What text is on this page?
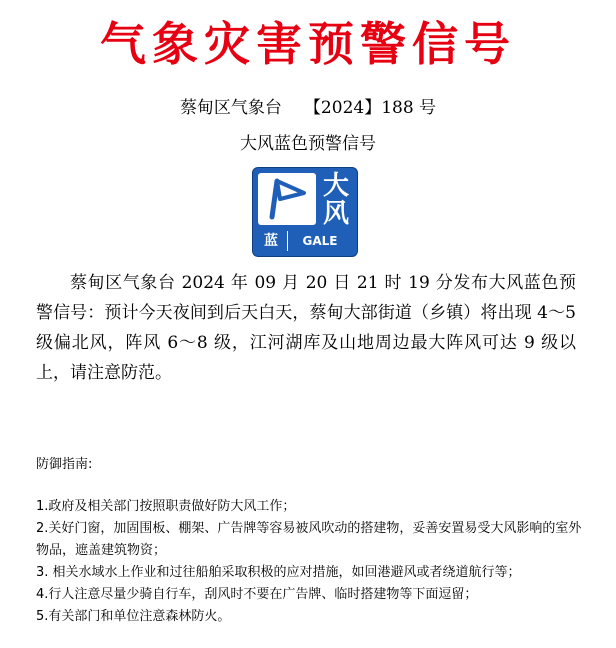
气象灾害预警信号
蔡甸区气象台 【2024】188 号
大风蓝色预警信号
大
风
蓝	GALE
蔡甸区气象台 2024 年 09 月 20 日 21 时 19 分发布大风蓝色预警信号：预计今天夜间到后天白天，蔡甸大部街道（乡镇）将出现 4～5 级偏北风，阵风 6～8 级，江河湖库及山地周边最大阵风可达 9 级以上，请注意防范。
防御指南:
1.政府及相关部门按照职责做好防大风工作；
2.关好门窗，加固围板、棚架、广告牌等容易被风吹动的搭建物，妥善安置易受大风影响的室外物品，遮盖建筑物资；
3. 相关水域水上作业和过往船舶采取积极的应对措施，如回港避风或者绕道航行等；
4.行人注意尽量少骑自行车，刮风时不要在广告牌、临时搭建物等下面逗留；
5.有关部门和单位注意森林防火。
